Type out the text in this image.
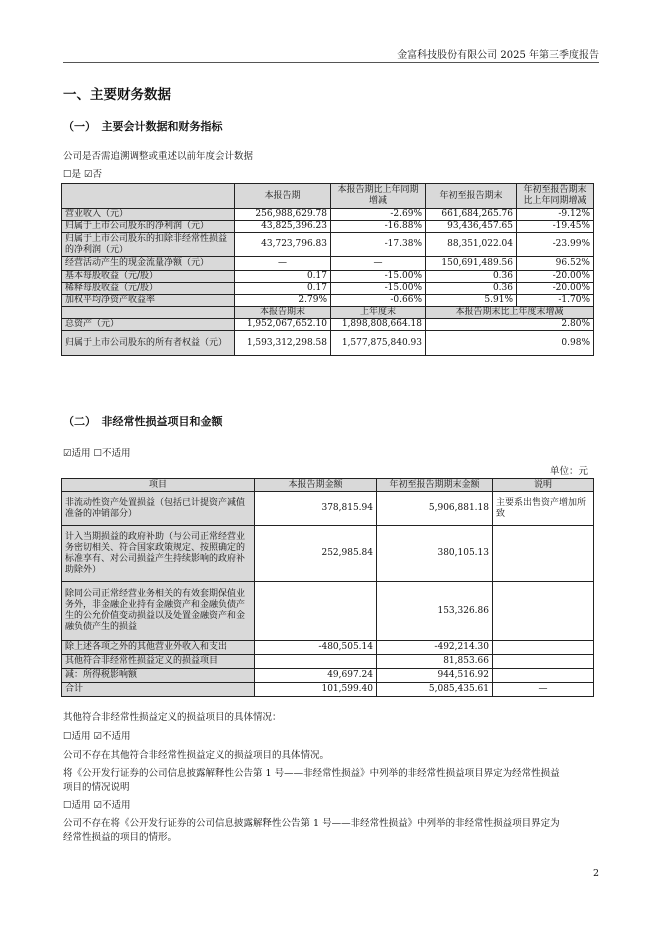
金富科技股份有限公司 2025 年第三季度报告
一、主要财务数据
（一）　主要会计数据和财务指标
公司是否需追溯调整或重述以前年度会计数据
☐是 ☑否
	本报告期	本报告期比上年同期增减	年初至报告期末	年初至报告期末比上年同期增减
营业收入（元）	256,988,629.78	-2.69%	661,684,265.76	-9.12%
归属于上市公司股东的净利润（元）	43,825,396.23	-16.88%	93,436,457.65	-19.45%
归属于上市公司股东的扣除非经常性损益的净利润（元）	43,723,796.83	-17.38%	88,351,022.04	-23.99%
经营活动产生的现金流量净额（元）	—	—	150,691,489.56	96.52%
基本每股收益（元/股）	0.17	-15.00%	0.36	-20.00%
稀释每股收益（元/股）	0.17	-15.00%	0.36	-20.00%
加权平均净资产收益率	2.79%	-0.66%	5.91%	-1.70%
	本报告期末	上年度末	本报告期末比上年度末增减	
总资产（元）	1,952,067,652.10	1,898,808,664.18	2.80%	
归属于上市公司股东的所有者权益（元）	1,593,312,298.58	1,577,875,840.93	0.98%	
（二）　非经常性损益项目和金额
☑适用 ☐不适用
单位：元
项目	本报告期金额	年初至报告期期末金额	说明
非流动性资产处置损益（包括已计提资产减值准备的冲销部分）	378,815.94	5,906,881.18	主要系出售资产增加所致
计入当期损益的政府补助（与公司正常经营业务密切相关、符合国家政策规定、按照确定的标准享有、对公司损益产生持续影响的政府补助除外）	252,985.84	380,105.13	
除同公司正常经营业务相关的有效套期保值业务外，非金融企业持有金融资产和金融负债产生的公允价值变动损益以及处置金融资产和金融负债产生的损益		153,326.86	
除上述各项之外的其他营业外收入和支出	-480,505.14	-492,214.30	
其他符合非经常性损益定义的损益项目		81,853.66	
减：所得税影响额	49,697.24	944,516.92	
合计	101,599.40	5,085,435.61	—
其他符合非经常性损益定义的损益项目的具体情况：
☐适用 ☑不适用
公司不存在其他符合非经常性损益定义的损益项目的具体情况。
将《公开发行证券的公司信息披露解释性公告第 1 号——非经常性损益》中列举的非经常性损益项目界定为经常性损益
项目的情况说明
☐适用 ☑不适用
公司不存在将《公开发行证券的公司信息披露解释性公告第 1 号——非经常性损益》中列举的非经常性损益项目界定为
经常性损益的项目的情形。
2
